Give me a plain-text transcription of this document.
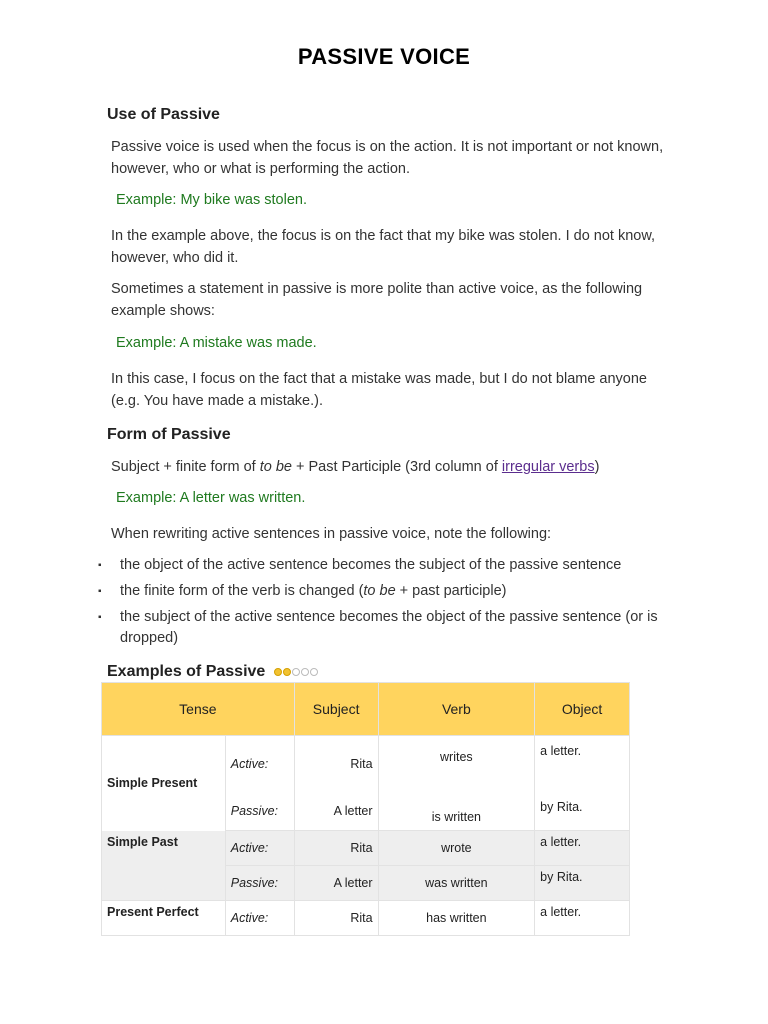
PASSIVE VOICE
Use of Passive
Passive voice is used when the focus is on the action. It is not important or not known, however, who or what is performing the action.
Example: My bike was stolen.
In the example above, the focus is on the fact that my bike was stolen. I do not know, however, who did it.
Sometimes a statement in passive is more polite than active voice, as the following example shows:
Example: A mistake was made.
In this case, I focus on the fact that a mistake was made, but I do not blame anyone (e.g. You have made a mistake.).
Form of Passive
Subject + finite form of to be + Past Participle (3rd column of irregular verbs)
Example: A letter was written.
When rewriting active sentences in passive voice, note the following:
▪ the object of the active sentence becomes the subject of the passive sentence
▪ the finite form of the verb is changed (to be + past participle)
▪ the subject of the active sentence becomes the object of the passive sentence (or is dropped)
Examples of Passive
Tense		Subject	Verb	Object
Simple Present	Active:	Rita	writes	a letter.
	Passive:	A letter	is written	by Rita.
Simple Past	Active:	Rita	wrote	a letter.
	Passive:	A letter	was written	by Rita.
Present Perfect	Active:	Rita	has written	a letter.
